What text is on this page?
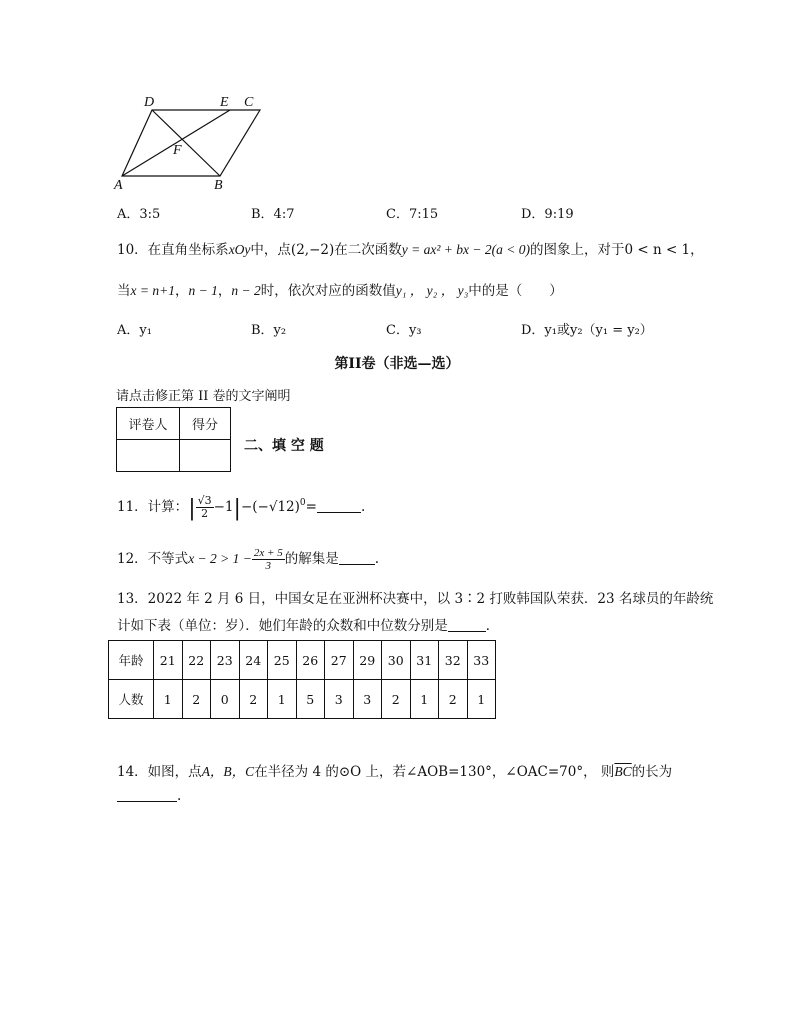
D	E C
F
A	B
A．3:5	B．4:7	C．7:15	D．9:19
10．在直角坐标系xOy中，点(2,−2)在二次函数y = ax² + bx − 2(a < 0)的图象上，对于0 < n < 1，
当x = n+1，n − 1，n − 2时，依次对应的函数值y₁ ， y₂ ， y₃中的是（　　）
A．y₁	B．y₂	C．y₃	D．y₁或y₂（y₁ = y₂）
第II卷（非选—选）
请点击修正第 II 卷的文字阐明
评卷人	得分

二、填 空 题
11．计算：| $\frac{√3}{2} -1|-(-√12)^0=$	.
12．不等式$x - 2 > 1 - \frac{2x + 5}{3}$ 的解集是	.
13．2022 年 2 月 6 日，中国女足在亚洲杯决赛中，以 3∶2 打败韩国队荣获．23 名球员的年龄统
计如下表（单位：岁）．她们年龄的众数和中位数分别是	．
年龄	21	22	23	24	25	26	27	29	30	31	32	33
人数	1	2	0	2	1	5	3	3	2	1	2	1
14．如图，点A，B，C在半径为 4 的⊙O 上，若∠AOB=130°，∠OAC=70°， 则$\overline{BC}$的长为
.
